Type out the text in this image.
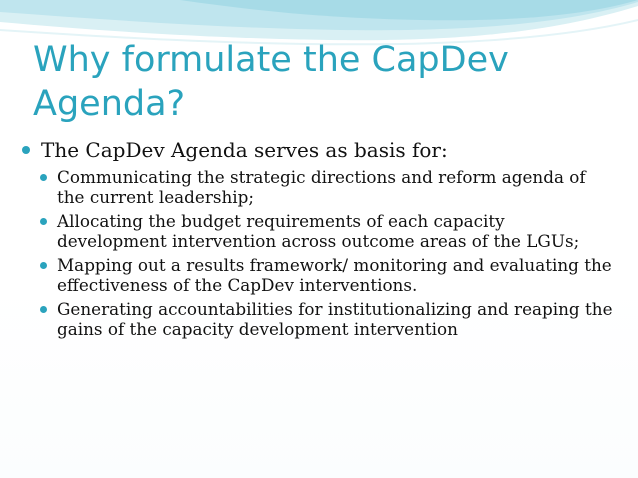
Why formulate the CapDev Agenda?
The CapDev Agenda serves as basis for:
Communicating the strategic directions and reform agenda of the current leadership;
Allocating the budget requirements of each capacity development intervention across outcome areas of the LGUs;
Mapping out a results framework/ monitoring and evaluating the effectiveness of the CapDev interventions.
Generating accountabilities for institutionalizing and reaping the gains of the capacity development intervention
